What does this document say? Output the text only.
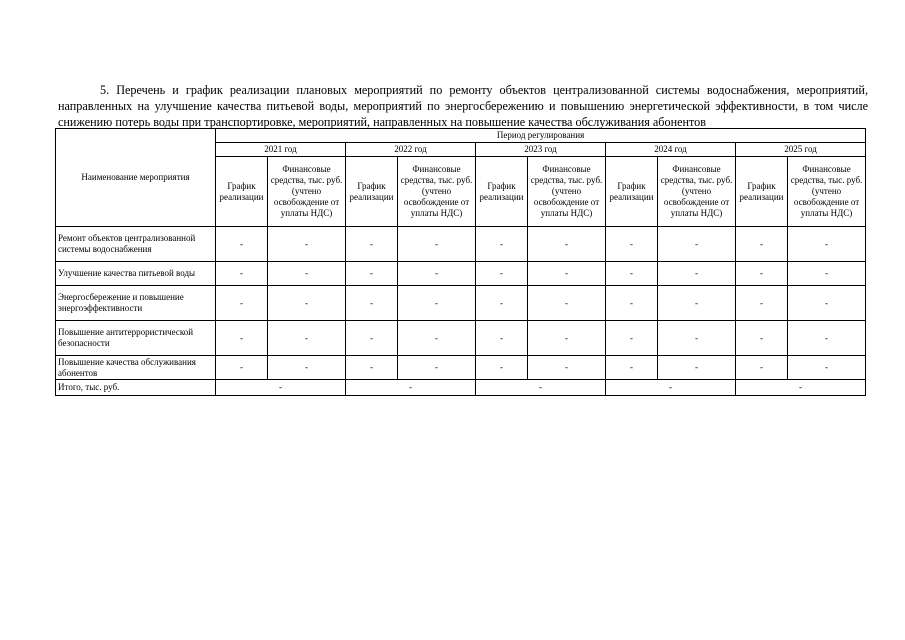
5. Перечень и график реализации плановых мероприятий по ремонту объектов централизованной системы водоснабжения, мероприятий, направленных на улучшение качества питьевой воды, мероприятий по энергосбережению и повышению энергетической эффективности, в том числе снижению потерь воды при транспортировке, мероприятий, направленных на повышение качества обслуживания абонентов

Наименование мероприятия	Период регулирования									
	2021 год		2022 год		2023 год		2024 год		2025 год	
	График реализации	Финансовые средства, тыс. руб. (учтено освобождение от уплаты НДС)	График реализации	Финансовые средства, тыс. руб. (учтено освобождение от уплаты НДС)	График реализации	Финансовые средства, тыс. руб. (учтено освобождение от уплаты НДС)	График реализации	Финансовые средства, тыс. руб. (учтено освобождение от уплаты НДС)	График реализации	Финансовые средства, тыс. руб. (учтено освобождение от уплаты НДС)
Ремонт объектов централизованной системы водоснабжения	-	-	-	-	-	-	-	-	-	-
Улучшение качества питьевой воды	-	-	-	-	-	-	-	-	-	-
Энергосбережение и повышение энергоэффективности	-	-	-	-	-	-	-	-	-	-
Повышение антитеррористической безопасности	-	-	-	-	-	-	-	-	-	-
Повышение качества обслуживания абонентов	-	-	-	-	-	-	-	-	-	-
Итого, тыс. руб.	-		-		-		-		-	
